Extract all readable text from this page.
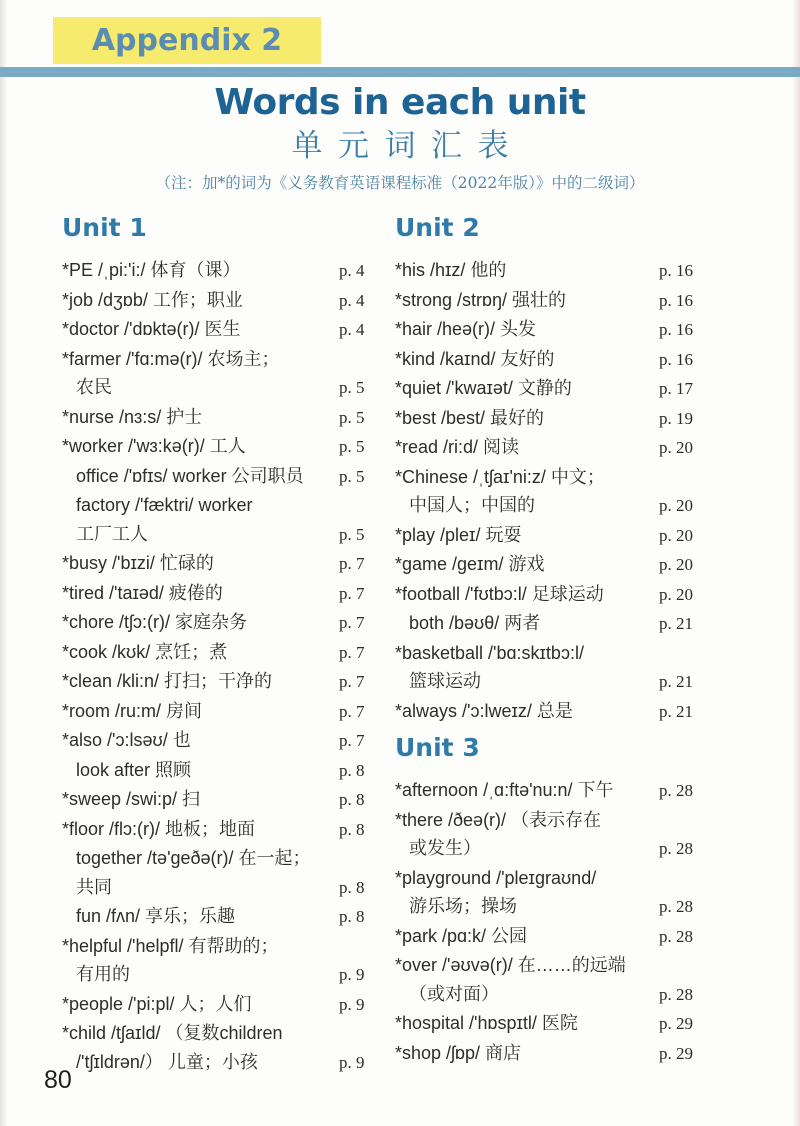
Appendix 2
Words in each unit
单元词汇表

（注：加*的词为《义务教育英语课程标准（2022年版）》中的二级词）

Unit 1
*PE /ˌpi:'i:/ 体育（课）	p. 4
*job /dʒɒb/ 工作；职业	p. 4
*doctor /'dɒktə(r)/ 医生	p. 4
*farmer /'fɑ:mə(r)/ 农场主；
农民	p. 5
*nurse /nɜ:s/ 护士	p. 5
*worker /'wɜ:kə(r)/ 工人	p. 5
office /'ɒfɪs/ worker 公司职员	p. 5
factory /'fæktri/ worker
工厂工人	p. 5
*busy /'bɪzi/ 忙碌的	p. 7
*tired /'taɪəd/ 疲倦的	p. 7
*chore /tʃɔ:(r)/ 家庭杂务	p. 7
*cook /kʊk/ 烹饪；煮	p. 7
*clean /kli:n/ 打扫；干净的	p. 7
*room /ru:m/ 房间	p. 7
*also /'ɔ:lsəʊ/ 也	p. 7
look after 照顾	p. 8
*sweep /swi:p/ 扫	p. 8
*floor /flɔ:(r)/ 地板；地面	p. 8
together /tə'geðə(r)/ 在一起；
共同	p. 8
fun /fʌn/ 享乐；乐趣	p. 8
*helpful /'helpfl/ 有帮助的；
有用的	p. 9
*people /'pi:pl/ 人；人们	p. 9
*child /tʃaɪld/ （复数children
/'tʃɪldrən/） 儿童；小孩	p. 9
Unit 2
*his /hɪz/ 他的	p. 16
*strong /strɒŋ/ 强壮的	p. 16
*hair /heə(r)/ 头发	p. 16
*kind /kaɪnd/ 友好的	p. 16
*quiet /'kwaɪət/ 文静的	p. 17
*best /best/ 最好的	p. 19
*read /ri:d/ 阅读	p. 20
*Chinese /ˌtʃaɪ'ni:z/ 中文；
中国人；中国的	p. 20
*play /pleɪ/ 玩耍	p. 20
*game /geɪm/ 游戏	p. 20
*football /'fʊtbɔ:l/ 足球运动	p. 20
both /bəʊθ/ 两者	p. 21
*basketball /'bɑ:skɪtbɔ:l/
篮球运动	p. 21
*always /'ɔ:lweɪz/ 总是	p. 21
Unit 3
*afternoon /ˌɑ:ftə'nu:n/ 下午	p. 28
*there /ðeə(r)/ （表示存在
或发生）	p. 28
*playground /'pleɪgraʊnd/
游乐场；操场	p. 28
*park /pɑ:k/ 公园	p. 28
*over /'əʊvə(r)/ 在……的远端
（或对面）	p. 28
*hospital /'hɒspɪtl/ 医院	p. 29
*shop /ʃɒp/ 商店	p. 29
80
